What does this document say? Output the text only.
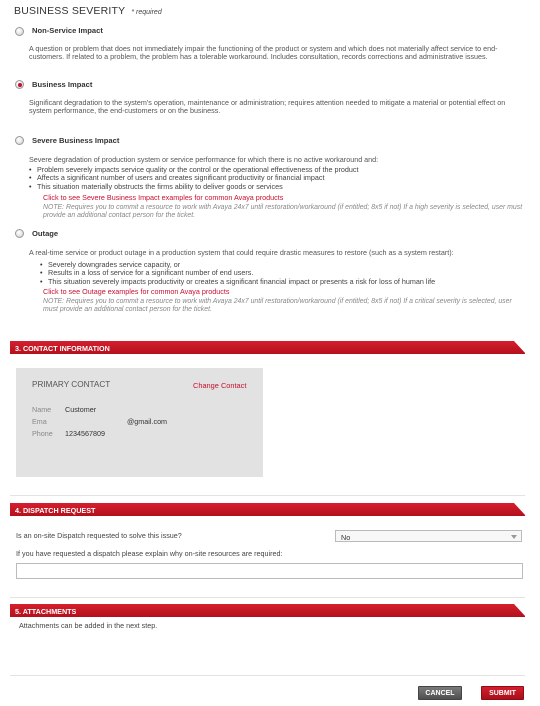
BUSINESS SEVERITY * required
Non-Service Impact
A question or problem that does not immediately impair the functioning of the product or system and which does not materially affect service to end-customers. If related to a problem, the problem has a tolerable workaround. Includes consultation, records corrections and administrative issues.
Business Impact
Significant degradation to the system's operation, maintenance or administration; requires attention needed to mitigate a material or potential effect on system performance, the end-customers or on the business.
Severe Business Impact
Severe degradation of production system or service performance for which there is no active workaround and:
• Problem severely impacts service quality or the control or the operational effectiveness of the product
• Affects a significant number of users and creates significant productivity or financial impact
• This situation materially obstructs the firms ability to deliver goods or services
Click to see Severe Business Impact examples for common Avaya products
NOTE: Requires you to commit a resource to work with Avaya 24x7 until restoration/workaround (if entitled; 8x5 if not) If a high severity is selected, user must provide an additional contact person for the ticket.
Outage
A real-time service or product outage in a production system that could require drastic measures to restore (such as a system restart):
• Severely downgrades service capacity, or
• Results in a loss of service for a significant number of end users.
• This situation severely impacts productivity or creates a significant financial impact or presents a risk for loss of human life
Click to see Outage examples for common Avaya products
NOTE: Requires you to commit a resource to work with Avaya 24x7 until restoration/workaround (if entitled; 8x5 if not) If a critical severity is selected, user must provide an additional contact person for the ticket.
3. CONTACT INFORMATION
PRIMARY CONTACT	Change Contact
Name Customer
Ema	@gmail.com
Phone 1234567809
4. DISPATCH REQUEST
Is an on-site Dispatch requested to solve this issue?	No
If you have requested a dispatch please explain why on-site resources are required:
5. ATTACHMENTS
Attachments can be added in the next step.
CANCEL	SUBMIT
